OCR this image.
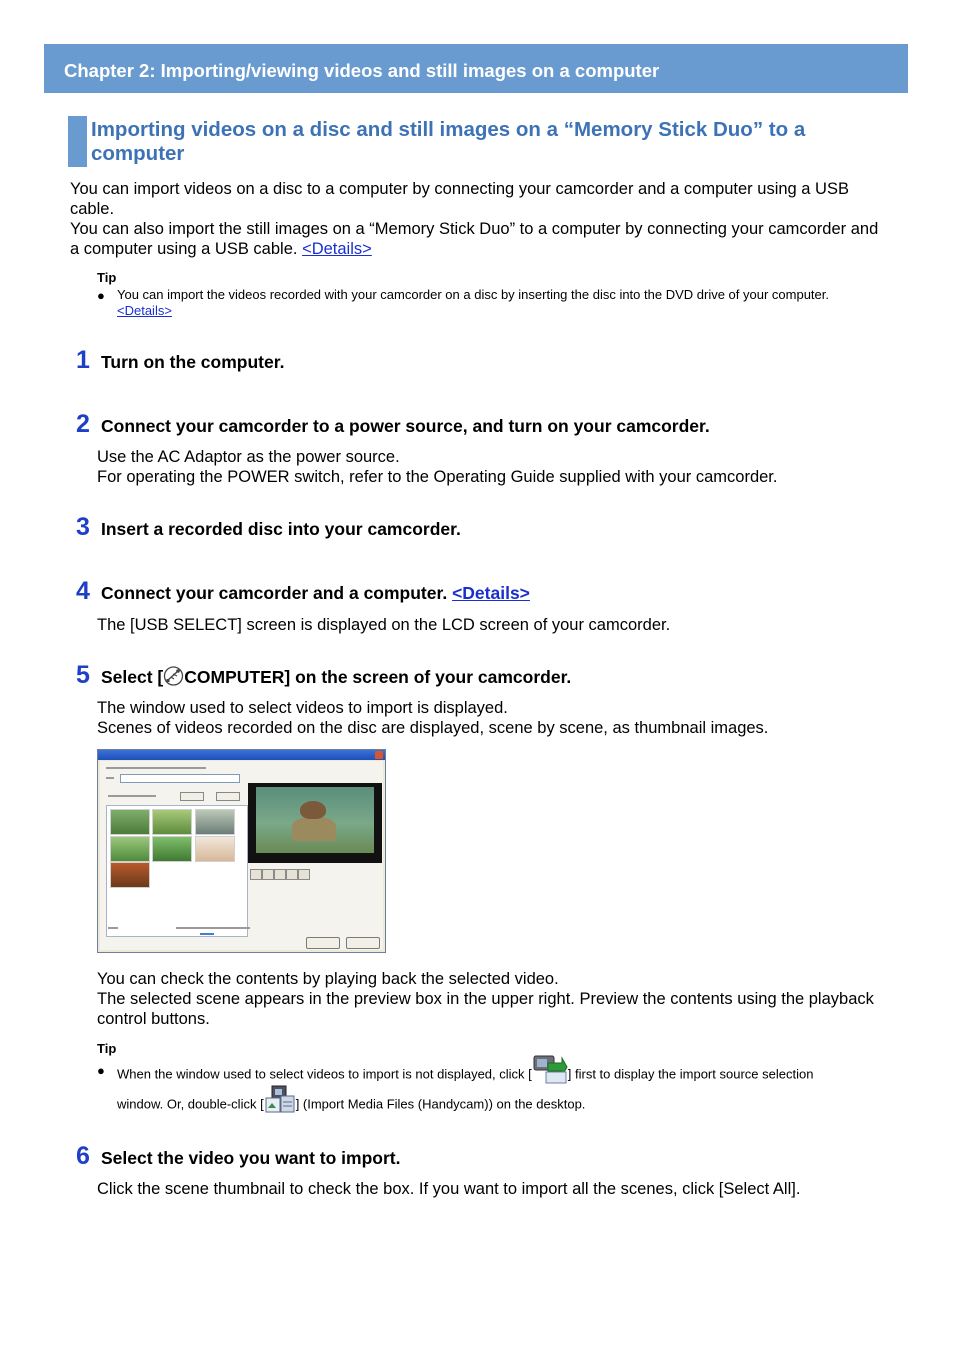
Chapter 2: Importing/viewing videos and still images on a computer
Importing videos on a disc and still images on a “Memory Stick Duo” to a computer

You can import videos on a disc to a computer by connecting your camcorder and a computer using a USB cable.

You can also import the still images on a “Memory Stick Duo” to a computer by connecting your camcorder and a computer using a USB cable. <Details>

Tip
● You can import the videos recorded with your camcorder on a disc by inserting the disc into the DVD drive of your computer. <Details>

1 Turn on the computer.
2 Connect your camcorder to a power source, and turn on your camcorder.

Use the AC Adaptor as the power source.

For operating the POWER switch, refer to the Operating Guide supplied with your camcorder.

3 Insert a recorded disc into your camcorder.
4 Connect your camcorder and a computer. <Details>

The [USB SELECT] screen is displayed on the LCD screen of your camcorder.

5 Select [ COMPUTER] on the screen of your camcorder.

The window used to select videos to import is displayed.

Scenes of videos recorded on the disc are displayed, scene by scene, as thumbnail images.

You can check the contents by playing back the selected video.

The selected scene appears in the preview box in the upper right. Preview the contents using the playback control buttons.

Tip
● When the window used to select videos to import is not displayed, click [	] first to display the import source selection
window. Or, double-click [ ] (Import Media Files (Handycam)) on the desktop.
6 Select the video you want to import.

Click the scene thumbnail to check the box. If you want to import all the scenes, click [Select All].
